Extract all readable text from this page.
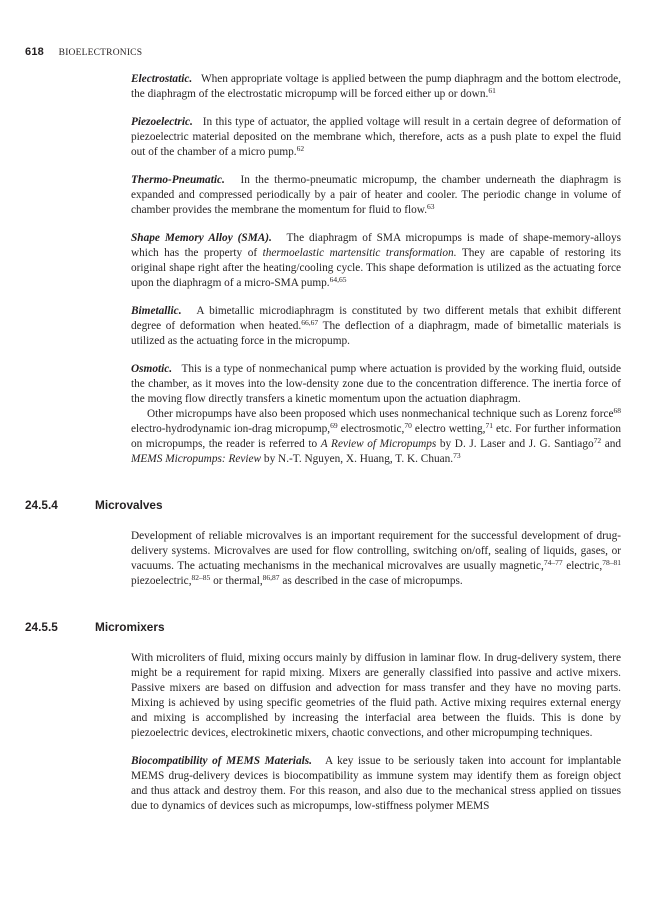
618 BIOELECTRONICS

Electrostatic. When appropriate voltage is applied between the pump diaphragm and the bottom electrode, the diaphragm of the electrostatic micropump will be forced either up or down.$^{61}$

Piezoelectric. In this type of actuator, the applied voltage will result in a certain degree of deformation of piezoelectric material deposited on the membrane which, therefore, acts as a push plate to expel the fluid out of the chamber of a micro pump.$^{62}$

Thermo-Pneumatic. In the thermo-pneumatic micropump, the chamber underneath the diaphragm is expanded and compressed periodically by a pair of heater and cooler. The periodic change in volume of chamber provides the membrane the momentum for fluid to flow.$^{63}$

Shape Memory Alloy (SMA). The diaphragm of SMA micropumps is made of shape-memory-alloys which has the property of thermoelastic martensitic transformation. They are capable of restoring its original shape right after the heating/cooling cycle. This shape deformation is utilized as the actuating force upon the diaphragm of a micro-SMA pump.$^{64,65}$

Bimetallic. A bimetallic microdiaphragm is constituted by two different metals that exhibit different degree of deformation when heated.$^{66,67}$ The deflection of a diaphragm, made of bimetallic materials is utilized as the actuating force in the micropump.

Osmotic. This is a type of nonmechanical pump where actuation is provided by the working fluid, outside the chamber, as it moves into the low-density zone due to the concentration difference. The inertia force of the moving flow directly transfers a kinetic momentum upon the actuation diaphragm.

Other micropumps have also been proposed which uses nonmechanical technique such as Lorenz force$^{68}$ electro-hydrodynamic ion-drag micropump,$^{69}$ electrosmotic,$^{70}$ electro wetting,$^{71}$ etc. For further information on micropumps, the reader is referred to A Review of Micropumps by D. J. Laser and J. G. Santiago$^{72}$ and MEMS Micropumps: Review by N.-T. Nguyen, X. Huang, T. K. Chuan.$^{73}$

24.5.4	Microvalves

Development of reliable microvalves is an important requirement for the successful development of drug-delivery systems. Microvalves are used for flow controlling, switching on/off, sealing of liquids, gases, or vacuums. The actuating mechanisms in the mechanical microvalves are usually magnetic,$^{74-77}$ electric,$^{78-81}$ piezoelectric,$^{82-85}$ or thermal,$^{86,87}$ as described in the case of micropumps.

24.5.5	Micromixers

With microliters of fluid, mixing occurs mainly by diffusion in laminar flow. In drug-delivery system, there might be a requirement for rapid mixing. Mixers are generally classified into passive and active mixers. Passive mixers are based on diffusion and advection for mass transfer and they have no moving parts. Mixing is achieved by using specific geometries of the fluid path. Active mixing requires external energy and mixing is accomplished by increasing the interfacial area between the fluids. This is done by piezoelectric devices, electrokinetic mixers, chaotic convections, and other micropumping techniques.

Biocompatibility of MEMS Materials. A key issue to be seriously taken into account for implantable MEMS drug-delivery devices is biocompatibility as immune system may identify them as foreign object and thus attack and destroy them. For this reason, and also due to the mechanical stress applied on tissues due to dynamics of devices such as micropumps, low-stiffness polymer MEMS
